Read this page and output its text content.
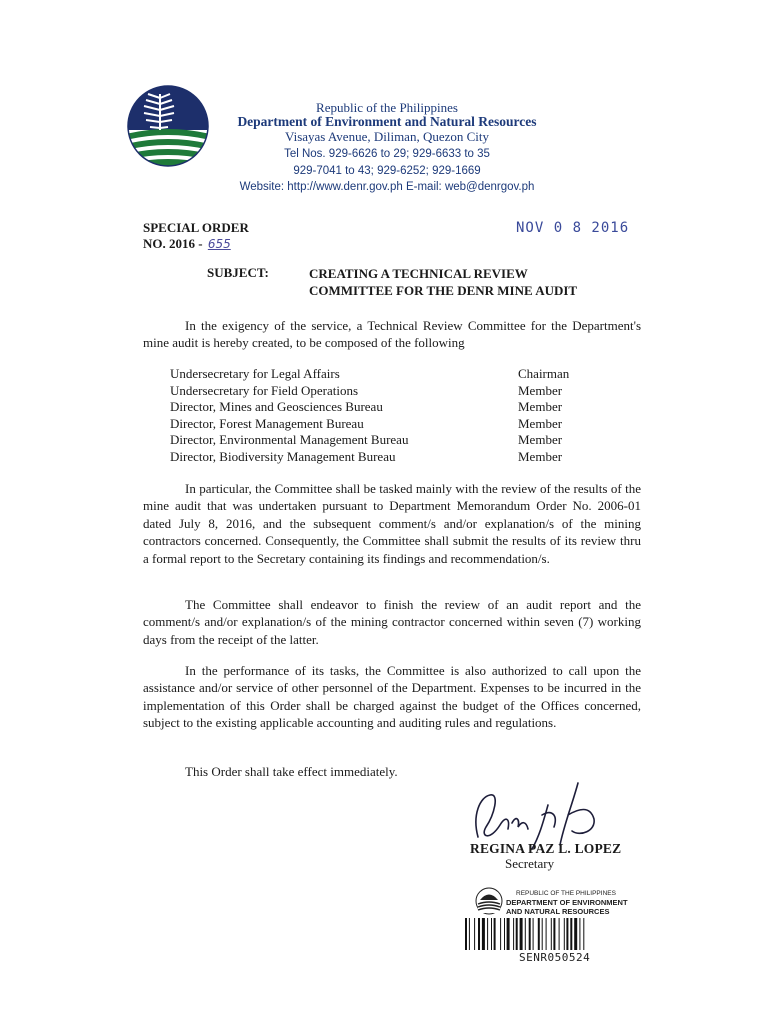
Republic of the Philippines
Department of Environment and Natural Resources
Visayas Avenue, Diliman, Quezon City
Tel Nos. 929-6626 to 29; 929-6633 to 35
929-7041 to 43; 929-6252; 929-1669
Website: http://www.denr.gov.ph E-mail: web@denrgov.ph
SPECIAL ORDER
NO. 2016 - 655
NOV 0 8 2016
SUBJECT:	CREATING A TECHNICAL REVIEW
COMMITTEE FOR THE DENR MINE AUDIT

In the exigency of the service, a Technical Review Committee for the Department's mine audit is hereby created, to be composed of the following

Undersecretary for Legal Affairs	Chairman
Undersecretary for Field Operations	Member
Director, Mines and Geosciences Bureau	Member
Director, Forest Management Bureau	Member
Director, Environmental Management Bureau	Member
Director, Biodiversity Management Bureau	Member

In particular, the Committee shall be tasked mainly with the review of the results of the mine audit that was undertaken pursuant to Department Memorandum Order No. 2006-01 dated July 8, 2016, and the subsequent comment/s and/or explanation/s of the mining contractors concerned. Consequently, the Committee shall submit the results of its review thru a formal report to the Secretary containing its findings and recommendation/s.

The Committee shall endeavor to finish the review of an audit report and the comment/s and/or explanation/s of the mining contractor concerned within seven (7) working days from the receipt of the latter.

In the performance of its tasks, the Committee is also authorized to call upon the assistance and/or service of other personnel of the Department. Expenses to be incurred in the implementation of this Order shall be charged against the budget of the Offices concerned, subject to the existing applicable accounting and auditing rules and regulations.

This Order shall take effect immediately.

REGINA PAZ L. LOPEZ
Secretary
REPUBLIC OF THE PHILIPPINES
DEPARTMENT OF ENVIRONMENT
AND NATURAL RESOURCES
SENR050524
